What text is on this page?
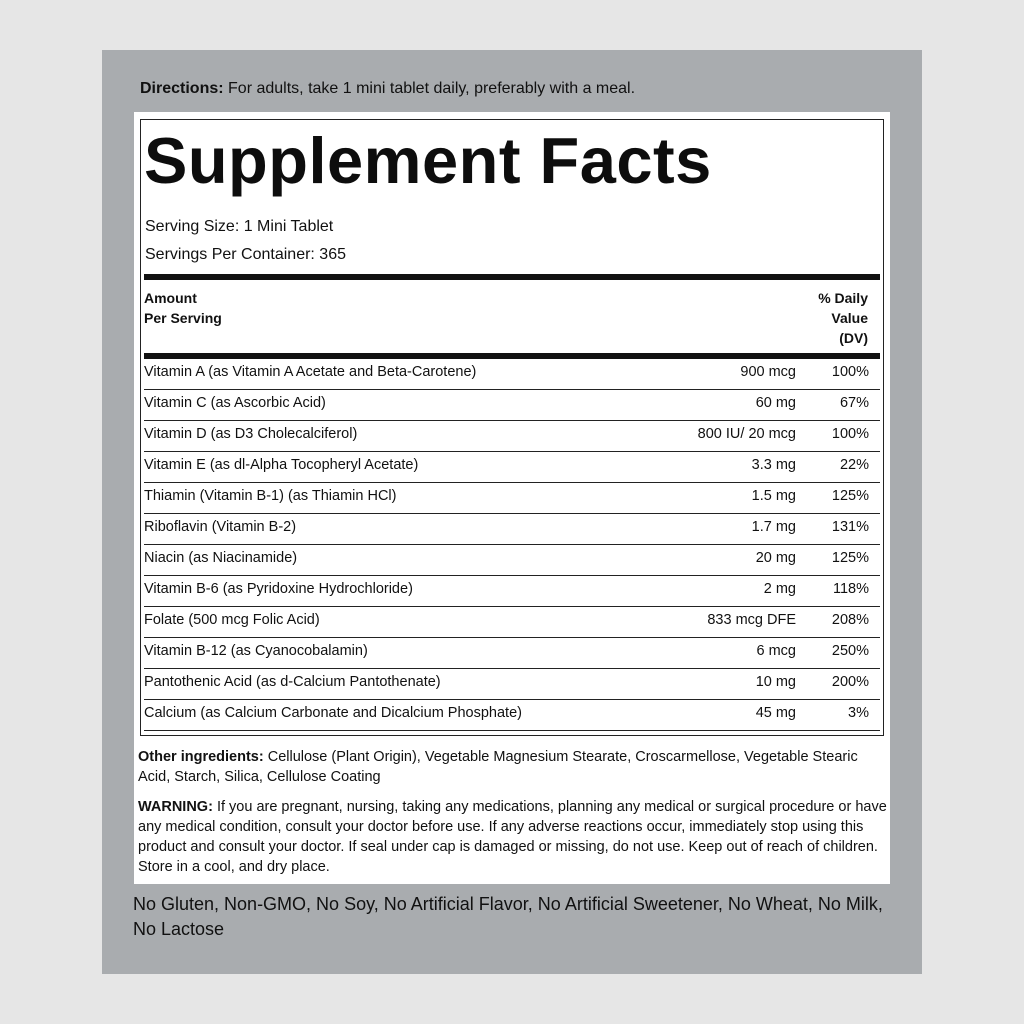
Directions: For adults, take 1 mini tablet daily, preferably with a meal.
Supplement Facts
Serving Size: 1 Mini Tablet
Servings Per Container: 365
Amount
Per Serving
% Daily
Value
(DV)
Vitamin A (as Vitamin A Acetate and Beta-Carotene)	900 mcg 100%
Vitamin C (as Ascorbic Acid)	60 mg	67%
Vitamin D (as D3 Cholecalciferol)	800 IU/ 20 mcg 100%
Vitamin E (as dl-Alpha Tocopheryl Acetate)	3.3 mg	22%
Thiamin (Vitamin B-1) (as Thiamin HCl)	1.5 mg 125%
Riboflavin (Vitamin B-2)	1.7 mg 131%
Niacin (as Niacinamide)	20 mg 125%
Vitamin B-6 (as Pyridoxine Hydrochloride)	2 mg	118%
Folate (500 mcg Folic Acid)	833 mcg DFE 208%
Vitamin B-12 (as Cyanocobalamin)	6 mcg 250%
Pantothenic Acid (as d-Calcium Pantothenate)	10 mg 200%
Calcium (as Calcium Carbonate and Dicalcium Phosphate)	45 mg	3%
Other ingredients: Cellulose (Plant Origin), Vegetable Magnesium Stearate, Croscarmellose, Vegetable Stearic Acid, Starch, Silica, Cellulose Coating
WARNING: If you are pregnant, nursing, taking any medications, planning any medical or surgical procedure or have any medical condition, consult your doctor before use. If any adverse reactions occur, immediately stop using this product and consult your doctor. If seal under cap is damaged or missing, do not use. Keep out of reach of children. Store in a cool, and dry place.
No Gluten, Non-GMO, No Soy, No Artificial Flavor, No Artificial Sweetener, No Wheat, No Milk, No Lactose
